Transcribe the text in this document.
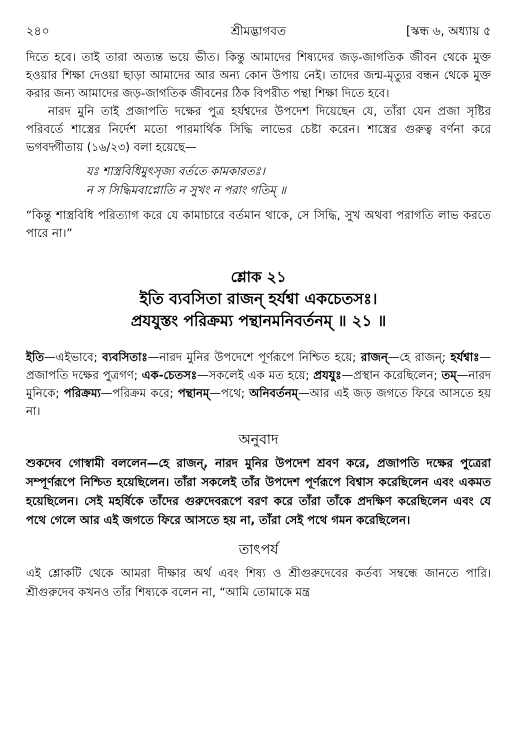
২৪০	[স্কন্ধ ৬, অধ্যায় ৫
শ্রীমদ্ভাগবত

দিতে হবে। তাই তারা অত্যন্ত ভয়ে ভীত। কিন্তু আমাদের শিষ্যদের জড়-জাগতিক জীবন থেকে মুক্ত হওয়ার শিক্ষা দেওয়া ছাড়া আমাদের আর অন্য কোন উপায় নেই। তাদের জন্ম-মৃত্যুর বন্ধন থেকে মুক্ত করার জন্য আমাদের জড়-জাগতিক জীবনের ঠিক বিপরীত পন্থা শিক্ষা দিতে হবে।

নারদ মুনি তাই প্রজাপতি দক্ষের পুত্র হর্যশ্বদের উপদেশ দিয়েছেন যে, তাঁরা যেন প্রজা সৃষ্টির পরিবর্তে শাস্ত্রের নির্দেশ মতো পারমার্থিক সিদ্ধি লাভের চেষ্টা করেন। শাস্ত্রের গুরুত্ব বর্ণনা করে ভগবদ্গীতায় (১৬/২৩) বলা হয়েছে—

যঃ শাস্ত্রবিধিমুৎসৃজ্য বর্ততে কামকারতঃ।
ন স সিদ্ধিমবাপ্নোতি ন সুখং ন পরাং গতিম্ ॥

“কিন্তু শাস্ত্রবিধি পরিত্যাগ করে যে কামাচারে বর্তমান থাকে, সে সিদ্ধি, সুখ অথবা পরাগতি লাভ করতে পারে না।”

শ্লোক ২১
ইতি ব্যবসিতা রাজন্ হর্যশ্বা একচেতসঃ।
প্রযযুস্তং পরিক্রম্য পন্থানমনিবর্তনম্ ॥ ২১ ॥

ইতি—এইভাবে; ব্যবসিতাঃ—নারদ মুনির উপদেশে পূর্ণরূপে নিশ্চিত হয়ে; রাজন্—হে রাজন্; হর্যশ্বাঃ—প্রজাপতি দক্ষের পুত্রগণ; এক-চেতসঃ—সকলেই এক মত হয়ে; প্রযযুঃ—প্রস্থান করেছিলেন; তম্—নারদ মুনিকে; পরিক্রম্য—পরিক্রম করে; পন্থানম্—পথে; অনিবর্তনম্—আর এই জড় জগতে ফিরে আসতে হয় না।

অনুবাদ

শুকদেব গোস্বামী বললেন—হে রাজন্, নারদ মুনির উপদেশ শ্রবণ করে, প্রজাপতি দক্ষের পুত্রেরা সম্পূর্ণরূপে নিশ্চিত হয়েছিলেন। তাঁরা সকলেই তাঁর উপদেশ পূর্ণরূপে বিশ্বাস করেছিলেন এবং একমত হয়েছিলেন। সেই মহর্ষিকে তাঁদের গুরুদেবরূপে বরণ করে তাঁরা তাঁকে প্রদক্ষিণ করেছিলেন এবং যে পথে গেলে আর এই জগতে ফিরে আসতে হয় না, তাঁরা সেই পথে গমন করেছিলেন।

তাৎপর্য

এই শ্লোকটি থেকে আমরা দীক্ষার অর্থ এবং শিষ্য ও শ্রীগুরুদেবের কর্তব্য সম্বন্ধে জানতে পারি। শ্রীগুরুদেব কখনও তাঁর শিষ্যকে বলেন না, “আমি তোমাকে মন্ত্র
